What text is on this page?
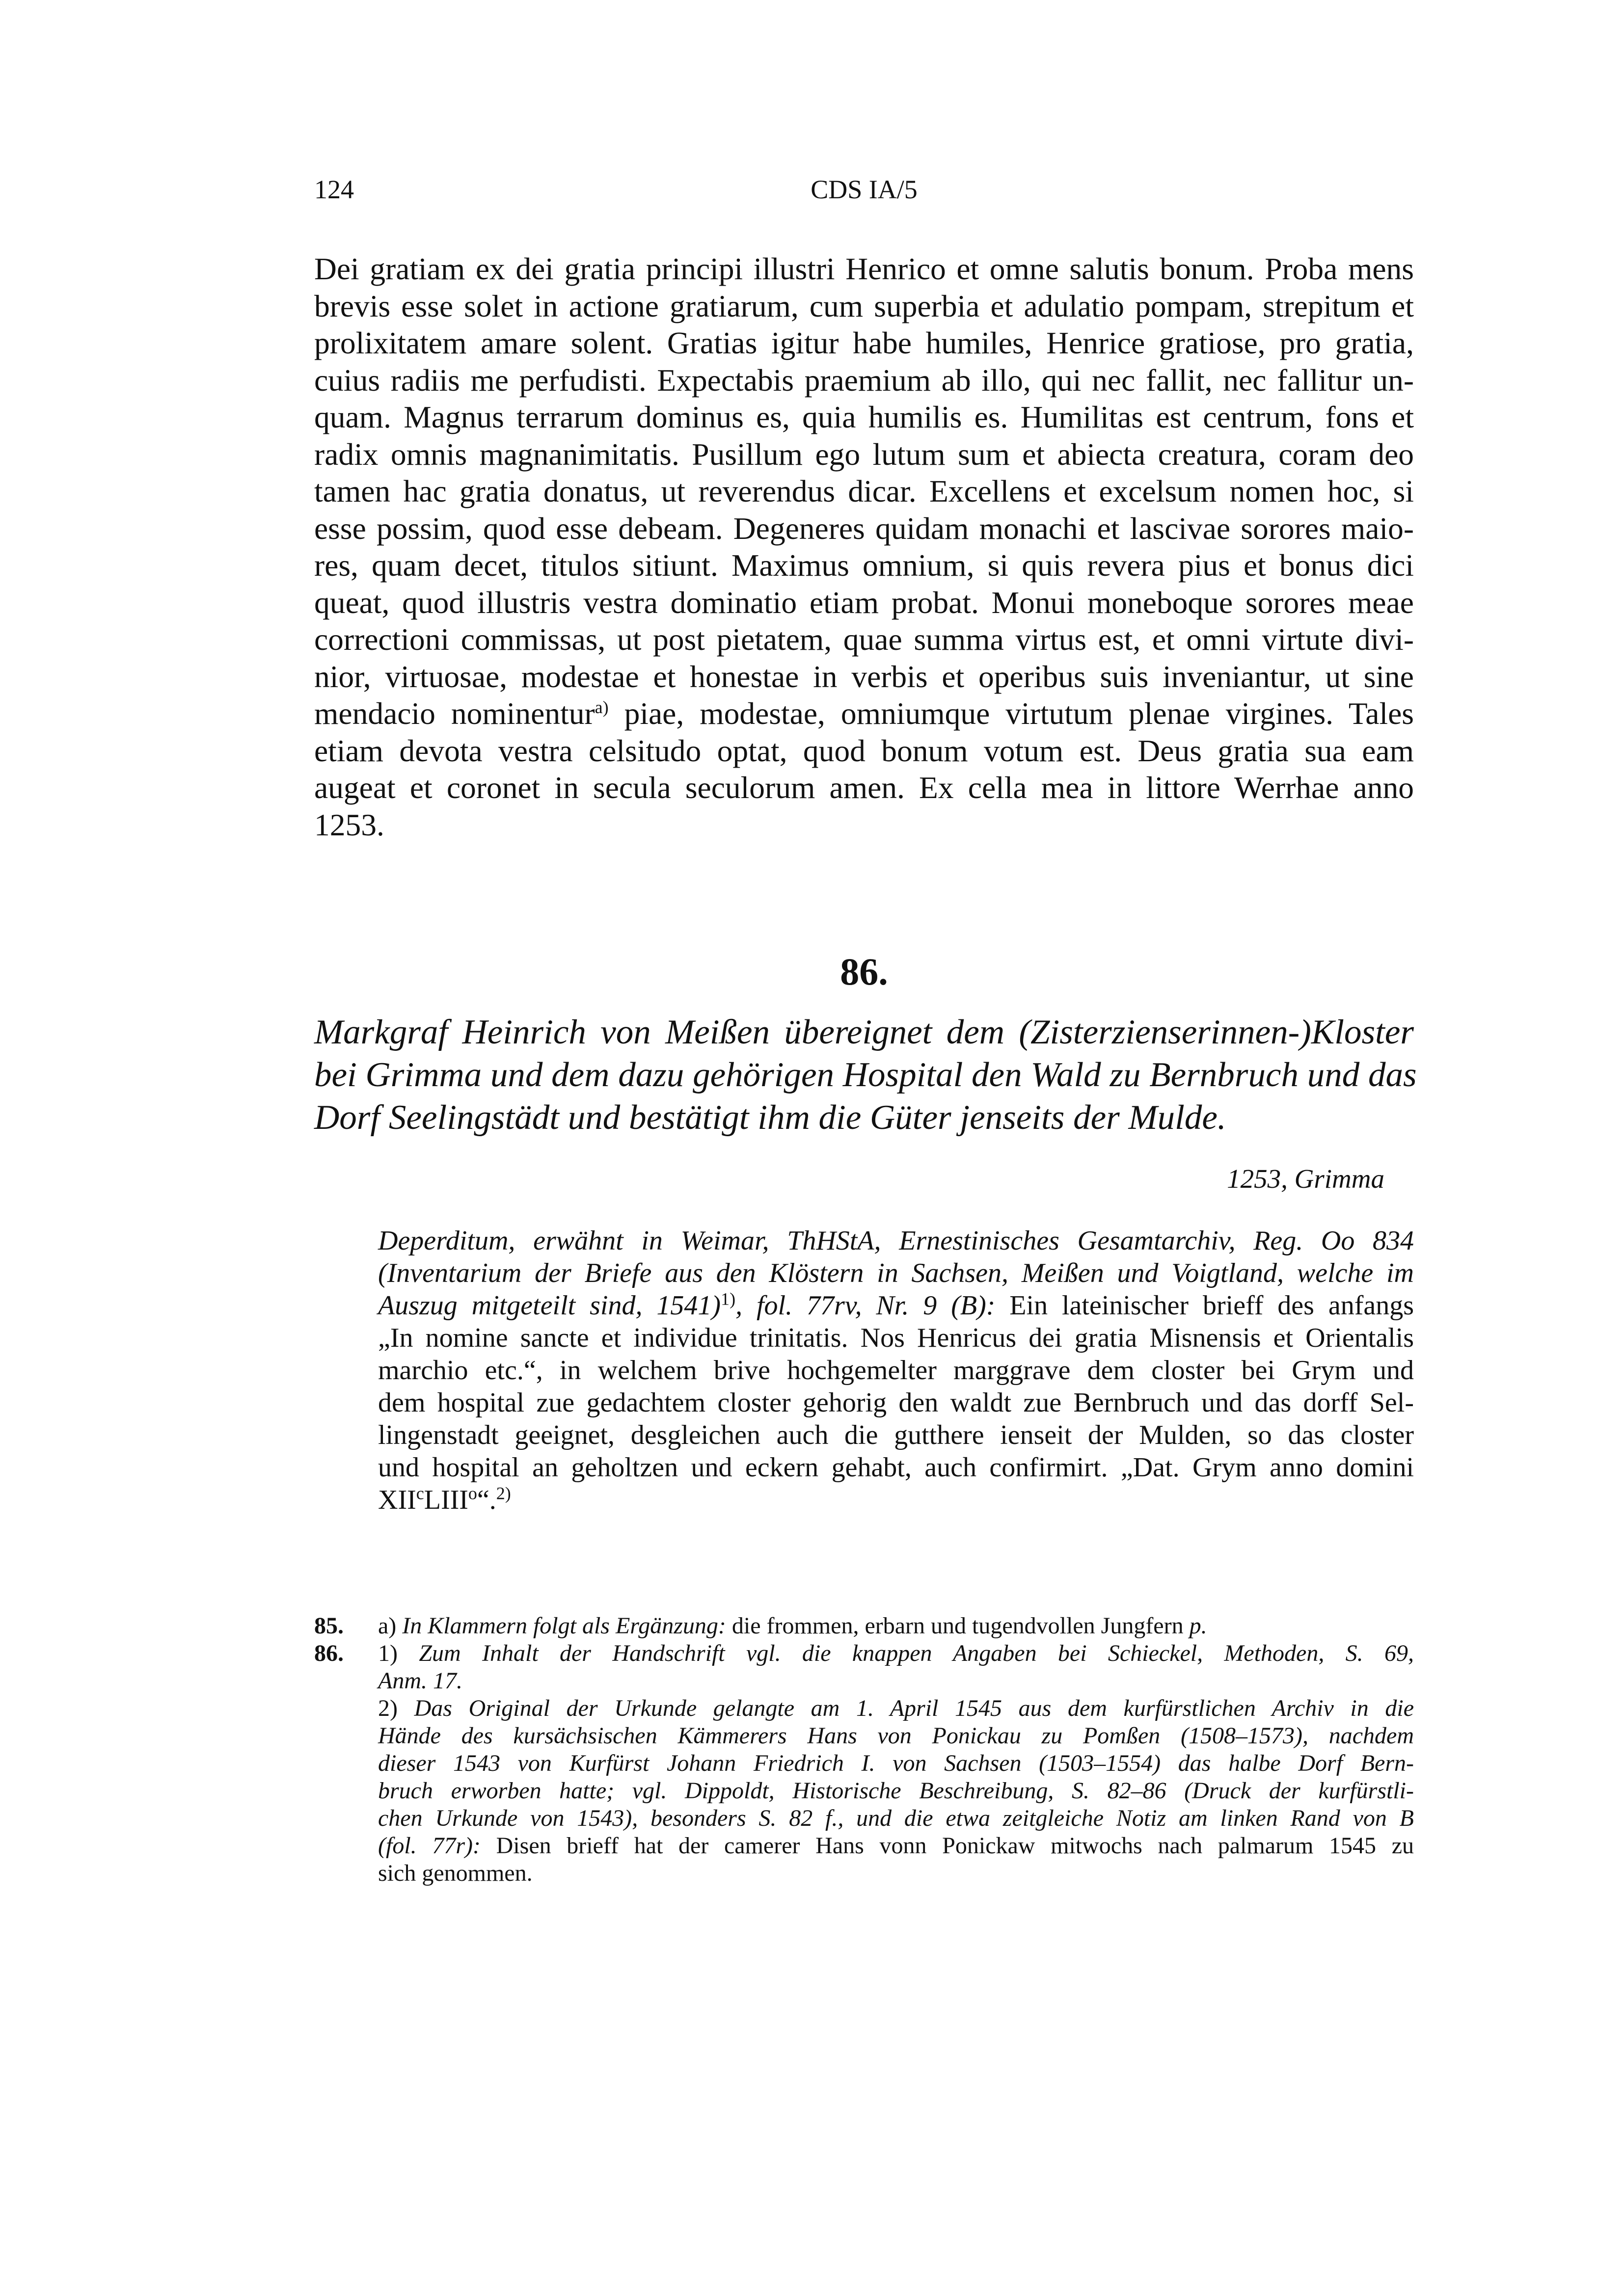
124	CDS IA/5
Dei gratiam ex dei gratia principi illustri Henrico et omne salutis bonum. Proba mens
brevis esse solet in actione gratiarum, cum superbia et adulatio pompam, strepitum et
prolixitatem amare solent. Gratias igitur habe humiles, Henrice gratiose, pro gratia,
cuius radiis me perfudisti. Expectabis praemium ab illo, qui nec fallit, nec fallitur un-
quam. Magnus terrarum dominus es, quia humilis es. Humilitas est centrum, fons et
radix omnis magnanimitatis. Pusillum ego lutum sum et abiecta creatura, coram deo
tamen hac gratia donatus, ut reverendus dicar. Excellens et excelsum nomen hoc, si
esse possim, quod esse debeam. Degeneres quidam monachi et lascivae sorores maio-
res, quam decet, titulos sitiunt. Maximus omnium, si quis revera pius et bonus dici
queat, quod illustris vestra dominatio etiam probat. Monui moneboque sorores meae
correctioni commissas, ut post pietatem, quae summa virtus est, et omni virtute divi-
nior, virtuosae, modestae et honestae in verbis et operibus suis inveniantur, ut sine
mendacio nominentur$^{a)}$ piae, modestae, omniumque virtutum plenae virgines. Tales
etiam devota vestra celsitudo optat, quod bonum votum est. Deus gratia sua eam
augeat et coronet in secula seculorum amen. Ex cella mea in littore Werrhae anno
1253.
86.
Markgraf Heinrich von Meißen übereignet dem (Zisterzienserinnen-)Kloster
bei Grimma und dem dazu gehörigen Hospital den Wald zu Bernbruch und das
Dorf Seelingstädt und bestätigt ihm die Güter jenseits der Mulde.
1253, Grimma
Deperditum, erwähnt in Weimar, ThHStA, Ernestinisches Gesamtarchiv, Reg. Oo 834
(Inventarium der Briefe aus den Klöstern in Sachsen, Meißen und Voigtland, welche im
Auszug mitgeteilt sind, 1541)$^{1)}$, fol. 77rv, Nr. 9 (B): Ein lateinischer brieff des anfangs
„In nomine sancte et individue trinitatis. Nos Henricus dei gratia Misnensis et Orientalis
marchio etc.“, in welchem brive hochgemelter marggrave dem closter bei Grym und
dem hospital zue gedachtem closter gehorig den waldt zue Bernbruch und das dorff Sel-
lingenstadt geeignet, desgleichen auch die gutthere ienseit der Mulden, so das closter
und hospital an geholtzen und eckern gehabt, auch confirmirt. „Dat. Grym anno domini
XII$^c$LIII$^o$“.$^{2)}$
85. a) In Klammern folgt als Ergänzung: die frommen, erbarn und tugendvollen Jungfern p.
86. 1) Zum Inhalt der Handschrift vgl. die knappen Angaben bei Schieckel, Methoden, S. 69,
Anm. 17.
2) Das Original der Urkunde gelangte am 1. April 1545 aus dem kurfürstlichen Archiv in die
Hände des kursächsischen Kämmerers Hans von Ponickau zu Pomßen (1508–1573), nachdem
dieser 1543 von Kurfürst Johann Friedrich I. von Sachsen (1503–1554) das halbe Dorf Bern-
bruch erworben hatte; vgl. Dippoldt, Historische Beschreibung, S. 82–86 (Druck der kurfürstli-
chen Urkunde von 1543), besonders S. 82 f., und die etwa zeitgleiche Notiz am linken Rand von B
(fol. 77r): Disen brieff hat der camerer Hans vonn Ponickaw mitwochs nach palmarum 1545 zu
sich genommen.
